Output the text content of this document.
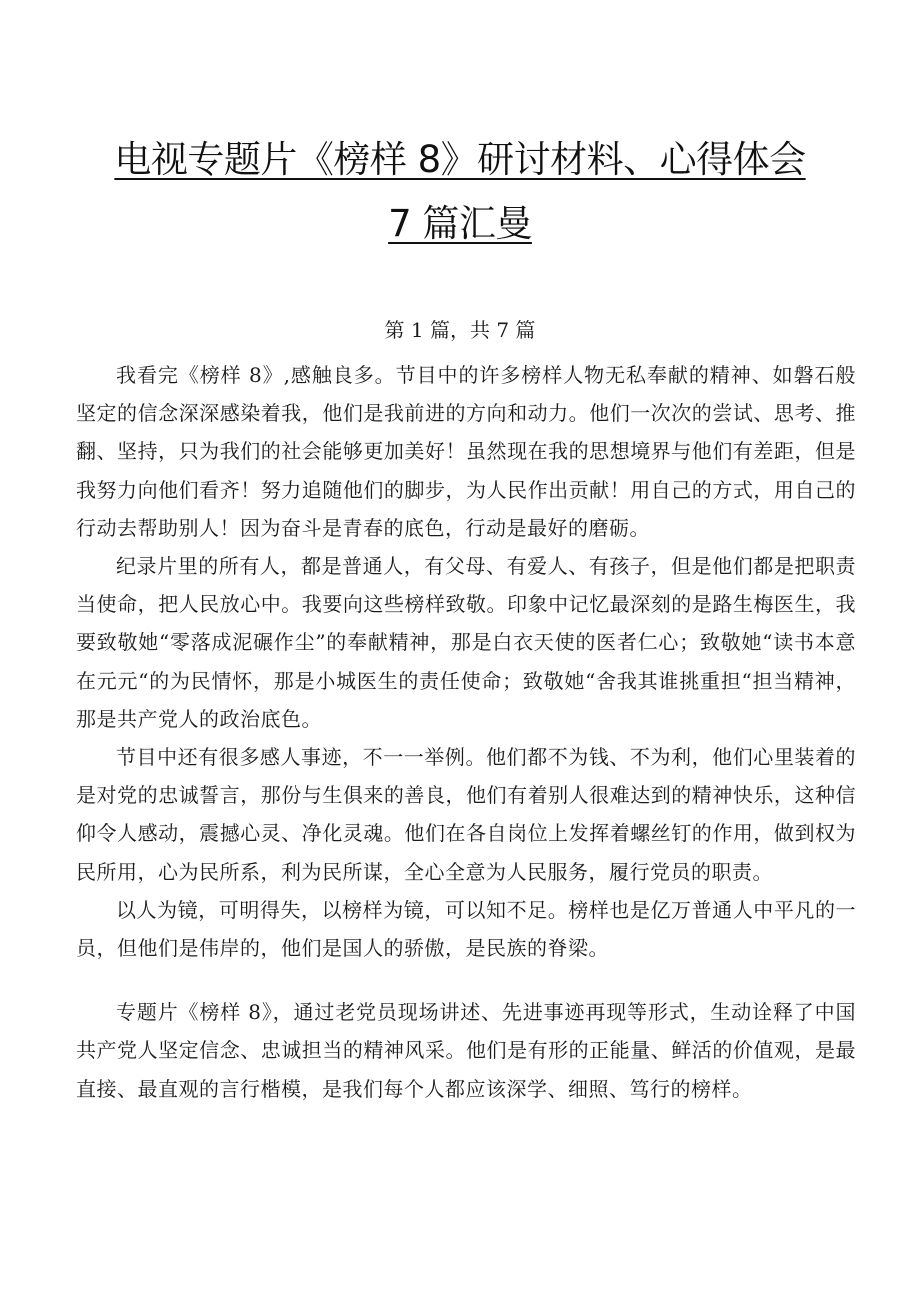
电视专题片《榜样 8》研讨材料、心得体会 7 篇汇曼

第 1 篇，共 7 篇

我看完《榜样 8》,感触良多。节目中的许多榜样人物无私奉献的精神、如磐石般坚定的信念深深感染着我，他们是我前进的方向和动力。他们一次次的尝试、思考、推翻、坚持，只为我们的社会能够更加美好！虽然现在我的思想境界与他们有差距，但是我努力向他们看齐！努力追随他们的脚步，为人民作出贡献！用自己的方式，用自己的行动去帮助别人！因为奋斗是青春的底色，行动是最好的磨砺。

纪录片里的所有人，都是普通人，有父母、有爱人、有孩子，但是他们都是把职责当使命，把人民放心中。我要向这些榜样致敬。印象中记忆最深刻的是路生梅医生，我要致敬她“零落成泥碾作尘”的奉献精神，那是白衣天使的医者仁心；致敬她“读书本意在元元“的为民情怀，那是小城医生的责任使命；致敬她“舍我其谁挑重担“担当精神，那是共产党人的政治底色。

节目中还有很多感人事迹，不一一举例。他们都不为钱、不为利，他们心里装着的是对党的忠诚誓言，那份与生俱来的善良，他们有着别人很难达到的精神快乐，这种信仰令人感动，震撼心灵、净化灵魂。他们在各自岗位上发挥着螺丝钉的作用，做到权为民所用，心为民所系，利为民所谋，全心全意为人民服务，履行党员的职责。

以人为镜，可明得失，以榜样为镜，可以知不足。榜样也是亿万普通人中平凡的一员，但他们是伟岸的，他们是国人的骄傲，是民族的脊梁。

专题片《榜样 8》，通过老党员现场讲述、先进事迹再现等形式，生动诠释了中国共产党人坚定信念、忠诚担当的精神风采。他们是有形的正能量、鲜活的价值观，是最直接、最直观的言行楷模，是我们每个人都应该深学、细照、笃行的榜样。
